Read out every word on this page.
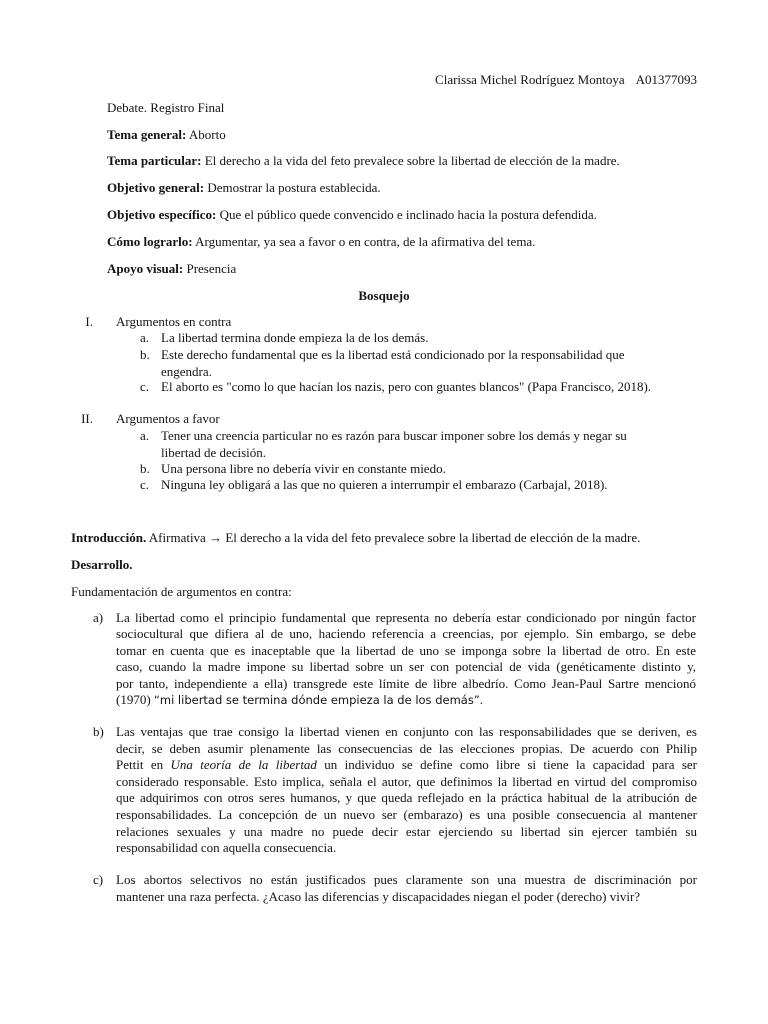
Clarissa Michel Rodríguez Montoya A01377093
Debate. Registro Final
Tema general: Aborto
Tema particular: El derecho a la vida del feto prevalece sobre la libertad de elección de la madre.
Objetivo general: Demostrar la postura establecida.
Objetivo específico: Que el público quede convencido e inclinado hacia la postura defendida.
Cómo lograrlo: Argumentar, ya sea a favor o en contra, de la afirmativa del tema.
Apoyo visual: Presencia
Bosquejo
I. Argumentos en contra
a. La libertad termina donde empieza la de los demás.
b. Este derecho fundamental que es la libertad está condicionado por la responsabilidad que
engendra.
c. El aborto es "como lo que hacían los nazis, pero con guantes blancos" (Papa Francisco, 2018).
II. Argumentos a favor
a. Tener una creencia particular no es razón para buscar imponer sobre los demás y negar su
libertad de decisión.
b. Una persona libre no debería vivir en constante miedo.
c. Ninguna ley obligará a las que no quieren a interrumpir el embarazo (Carbajal, 2018).
Introducción. Afirmativa → El derecho a la vida del feto prevalece sobre la libertad de elección de la madre.
Desarrollo.
Fundamentación de argumentos en contra:
a) La libertad como el principio fundamental que representa no debería estar condicionado por ningún factor
sociocultural que difiera al de uno, haciendo referencia a creencias, por ejemplo. Sin embargo, se debe
tomar en cuenta que es inaceptable que la libertad de uno se imponga sobre la libertad de otro. En este
caso, cuando la madre impone su libertad sobre un ser con potencial de vida (genéticamente distinto y,
por tanto, independiente a ella) transgrede este límite de libre albedrío. Como Jean-Paul Sartre mencionó
(1970) “mi libertad se termina dónde empieza la de los demás”.
b) Las ventajas que trae consigo la libertad vienen en conjunto con las responsabilidades que se deriven, es
decir, se deben asumir plenamente las consecuencias de las elecciones propias. De acuerdo con Philip
Pettit en Una teoría de la libertad un individuo se define como libre si tiene la capacidad para ser
considerado responsable. Esto implica, señala el autor, que definimos la libertad en virtud del compromiso
que adquirimos con otros seres humanos, y que queda reflejado en la práctica habitual de la atribución de
responsabilidades. La concepción de un nuevo ser (embarazo) es una posible consecuencia al mantener
relaciones sexuales y una madre no puede decir estar ejerciendo su libertad sin ejercer también su
responsabilidad con aquella consecuencia.
c) Los abortos selectivos no están justificados pues claramente son una muestra de discriminación por
mantener una raza perfecta. ¿Acaso las diferencias y discapacidades niegan el poder (derecho) vivir?
